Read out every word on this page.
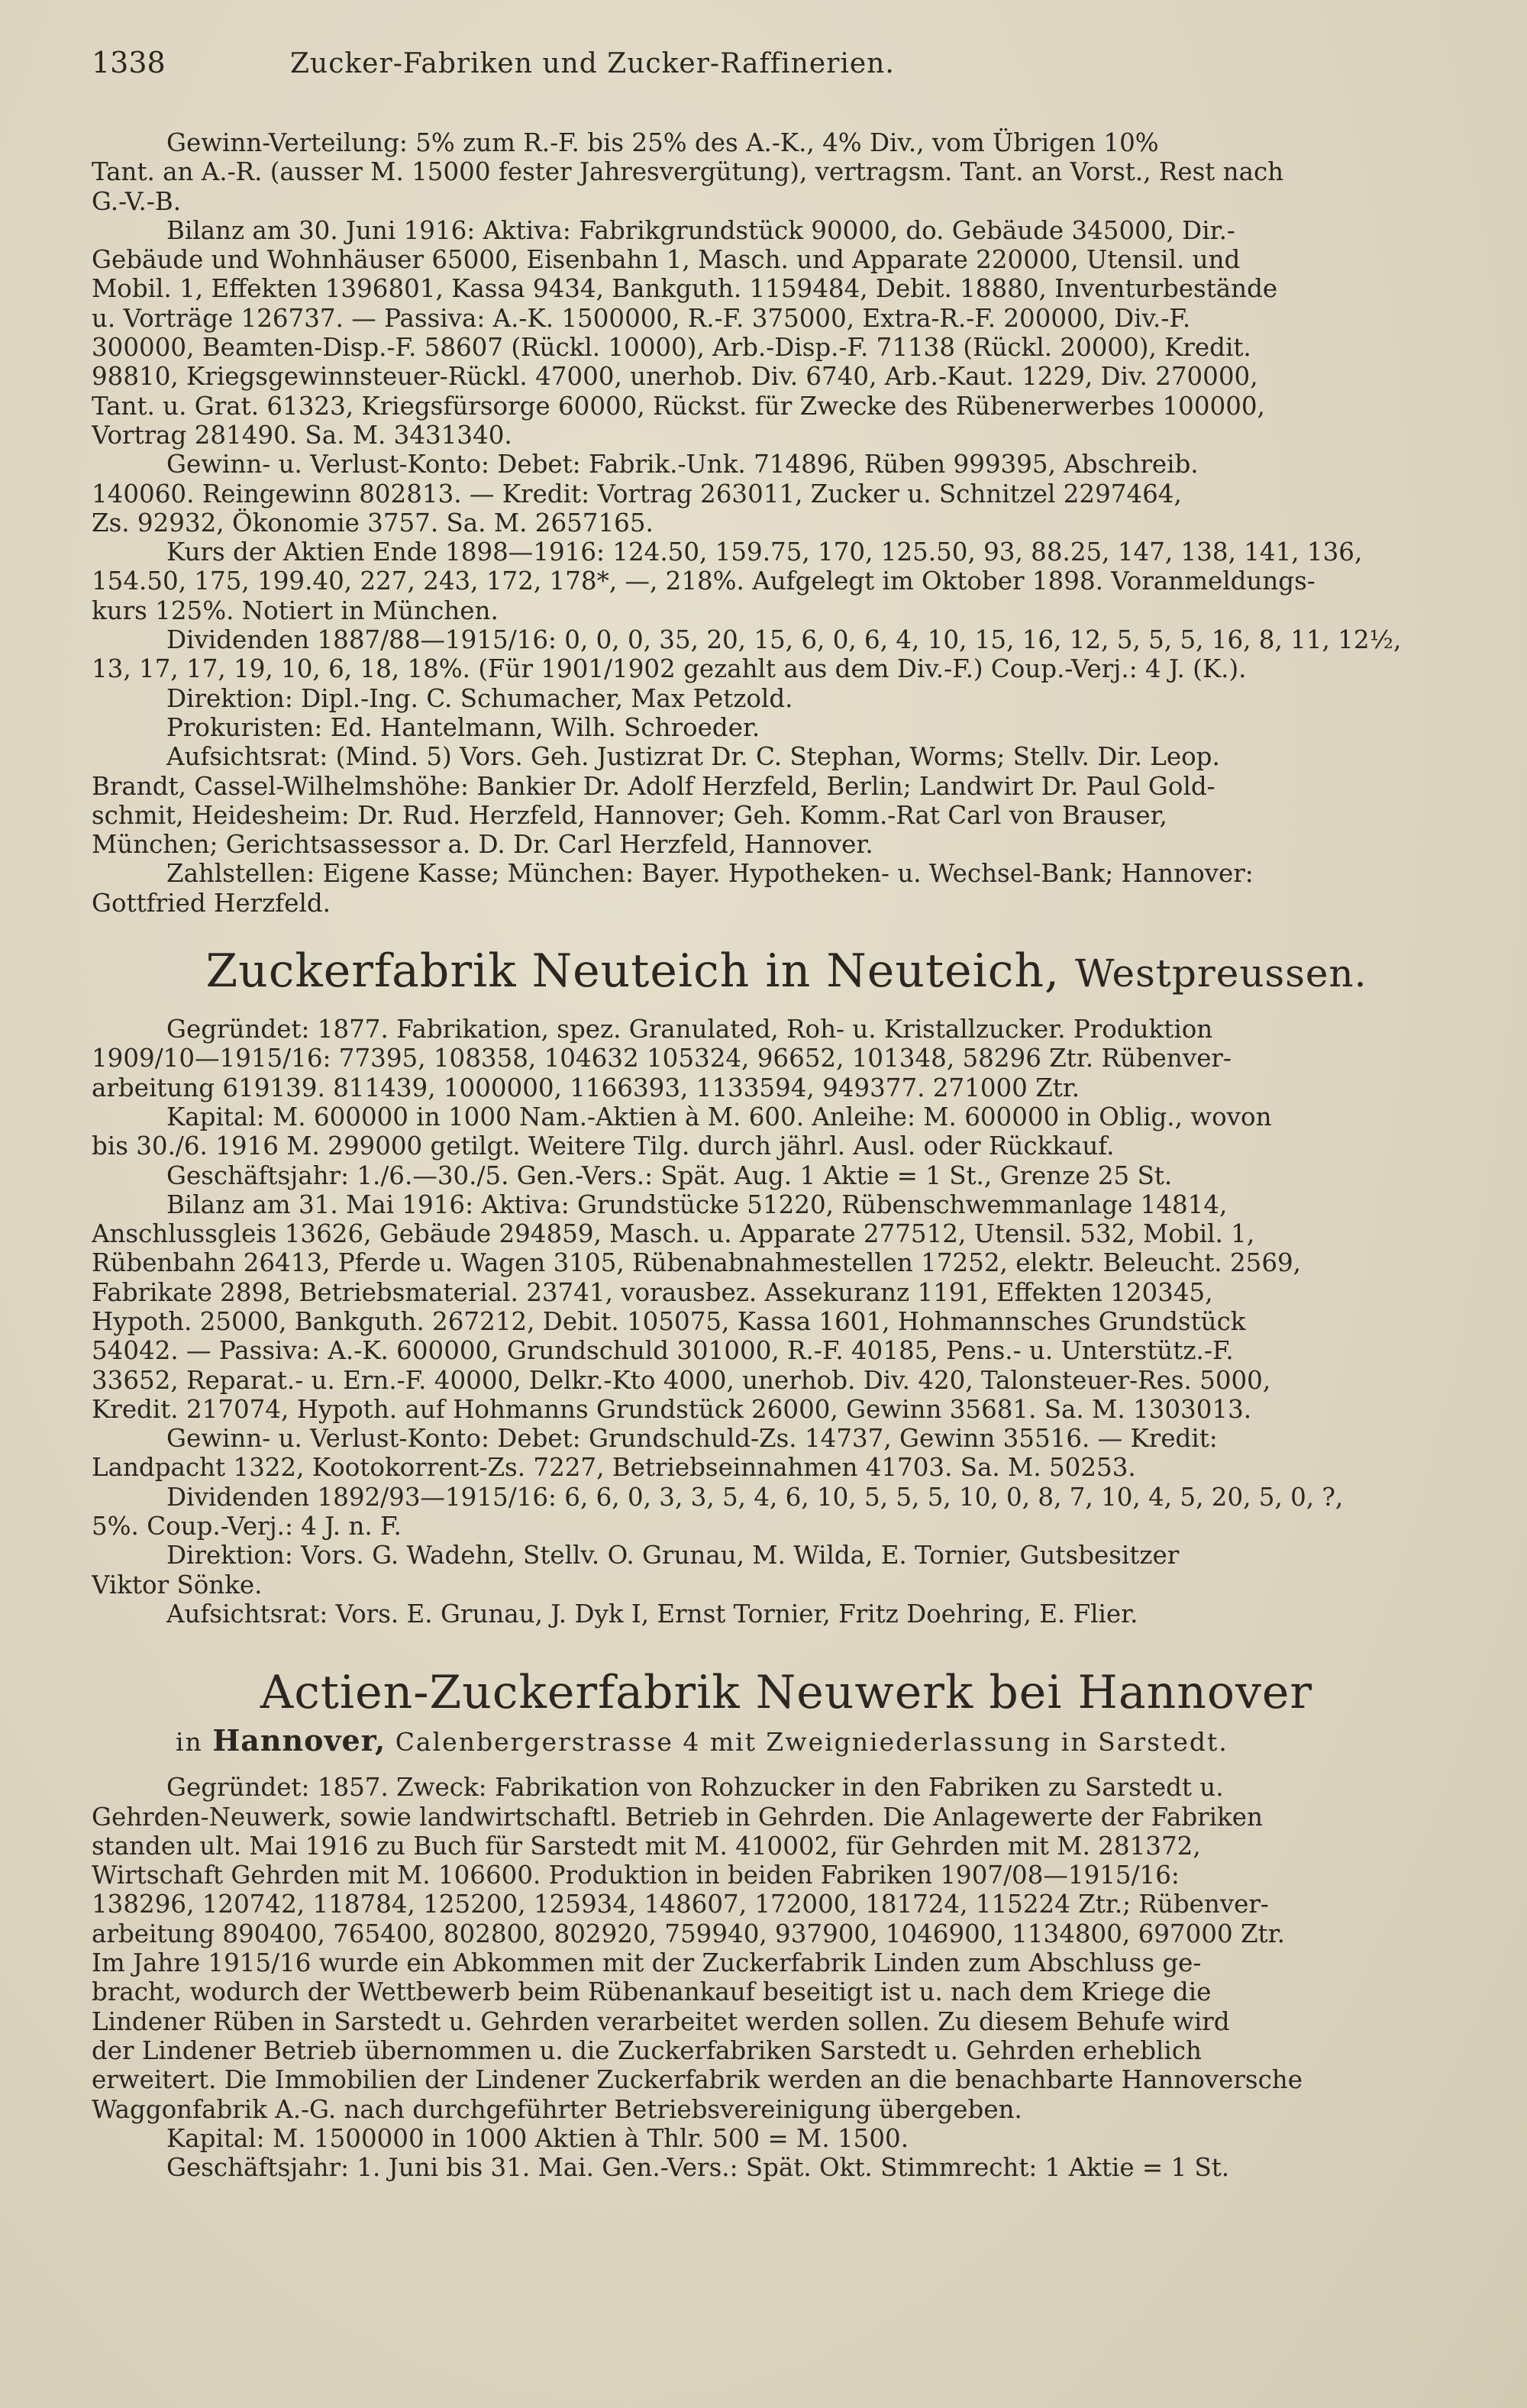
1338	Zucker-Fabriken und Zucker-Raffinerien.

Gewinn-Verteilung: 5% zum R.-F. bis 25% des A.-K., 4% Div., vom Übrigen 10%

Tant. an A.-R. (ausser M. 15000 fester Jahresvergütung), vertragsm. Tant. an Vorst., Rest nach

G.-V.-B.

Bilanz am 30. Juni 1916: Aktiva: Fabrikgrundstück 90000, do. Gebäude 345000, Dir.-

Gebäude und Wohnhäuser 65000, Eisenbahn 1, Masch. und Apparate 220000, Utensil. und

Mobil. 1, Effekten 1396801, Kassa 9434, Bankguth. 1159484, Debit. 18880, Inventurbestände

u. Vorträge 126737. — Passiva: A.-K. 1500000, R.-F. 375000, Extra-R.-F. 200000, Div.-F.

300000, Beamten-Disp.-F. 58607 (Rückl. 10000), Arb.-Disp.-F. 71138 (Rückl. 20000), Kredit.

98810, Kriegsgewinnsteuer-Rückl. 47000, unerhob. Div. 6740, Arb.-Kaut. 1229, Div. 270000,

Tant. u. Grat. 61323, Kriegsfürsorge 60000, Rückst. für Zwecke des Rübenerwerbes 100000,

Vortrag 281490. Sa. M. 3431340.

Gewinn- u. Verlust-Konto: Debet: Fabrik.-Unk. 714896, Rüben 999395, Abschreib.

140060. Reingewinn 802813. — Kredit: Vortrag 263011, Zucker u. Schnitzel 2297464,

Zs. 92932, Ökonomie 3757. Sa. M. 2657165.

Kurs der Aktien Ende 1898—1916: 124.50, 159.75, 170, 125.50, 93, 88.25, 147, 138, 141, 136,

154.50, 175, 199.40, 227, 243, 172, 178*, —, 218%. Aufgelegt im Oktober 1898. Voranmeldungs-

kurs 125%. Notiert in München.

Dividenden 1887/88—1915/16: 0, 0, 0, 35, 20, 15, 6, 0, 6, 4, 10, 15, 16, 12, 5, 5, 5, 16, 8, 11, 12½,

13, 17, 17, 19, 10, 6, 18, 18%. (Für 1901/1902 gezahlt aus dem Div.-F.) Coup.-Verj.: 4 J. (K.).

Direktion: Dipl.-Ing. C. Schumacher, Max Petzold.

Prokuristen: Ed. Hantelmann, Wilh. Schroeder.

Aufsichtsrat: (Mind. 5) Vors. Geh. Justizrat Dr. C. Stephan, Worms; Stellv. Dir. Leop.

Brandt, Cassel-Wilhelmshöhe: Bankier Dr. Adolf Herzfeld, Berlin; Landwirt Dr. Paul Gold-

schmit, Heidesheim: Dr. Rud. Herzfeld, Hannover; Geh. Komm.-Rat Carl von Brauser,

München; Gerichtsassessor a. D. Dr. Carl Herzfeld, Hannover.

Zahlstellen: Eigene Kasse; München: Bayer. Hypotheken- u. Wechsel-Bank; Hannover:

Gottfried Herzfeld.

Zuckerfabrik Neuteich in Neuteich, Westpreussen.

Gegründet: 1877. Fabrikation, spez. Granulated, Roh- u. Kristallzucker. Produktion

1909/10—1915/16: 77395, 108358, 104632 105324, 96652, 101348, 58296 Ztr. Rübenver-

arbeitung 619139. 811439, 1000000, 1166393, 1133594, 949377. 271000 Ztr.

Kapital: M. 600000 in 1000 Nam.-Aktien à M. 600. Anleihe: M. 600000 in Oblig., wovon

bis 30./6. 1916 M. 299000 getilgt. Weitere Tilg. durch jährl. Ausl. oder Rückkauf.

Geschäftsjahr: 1./6.—30./5. Gen.-Vers.: Spät. Aug. 1 Aktie = 1 St., Grenze 25 St.

Bilanz am 31. Mai 1916: Aktiva: Grundstücke 51220, Rübenschwemmanlage 14814,

Anschlussgleis 13626, Gebäude 294859, Masch. u. Apparate 277512, Utensil. 532, Mobil. 1,

Rübenbahn 26413, Pferde u. Wagen 3105, Rübenabnahmestellen 17252, elektr. Beleucht. 2569,

Fabrikate 2898, Betriebsmaterial. 23741, vorausbez. Assekuranz 1191, Effekten 120345,

Hypoth. 25000, Bankguth. 267212, Debit. 105075, Kassa 1601, Hohmannsches Grundstück

54042. — Passiva: A.-K. 600000, Grundschuld 301000, R.-F. 40185, Pens.- u. Unterstütz.-F.

33652, Reparat.- u. Ern.-F. 40000, Delkr.-Kto 4000, unerhob. Div. 420, Talonsteuer-Res. 5000,

Kredit. 217074, Hypoth. auf Hohmanns Grundstück 26000, Gewinn 35681. Sa. M. 1303013.

Gewinn- u. Verlust-Konto: Debet: Grundschuld-Zs. 14737, Gewinn 35516. — Kredit:

Landpacht 1322, Kootokorrent-Zs. 7227, Betriebseinnahmen 41703. Sa. M. 50253.

Dividenden 1892/93—1915/16: 6, 6, 0, 3, 3, 5, 4, 6, 10, 5, 5, 5, 10, 0, 8, 7, 10, 4, 5, 20, 5, 0, ?,

5%. Coup.-Verj.: 4 J. n. F.

Direktion: Vors. G. Wadehn, Stellv. O. Grunau, M. Wilda, E. Tornier, Gutsbesitzer

Viktor Sönke.

Aufsichtsrat: Vors. E. Grunau, J. Dyk I, Ernst Tornier, Fritz Doehring, E. Flier.

Actien-Zuckerfabrik Neuwerk bei Hannover
in Hannover, Calenbergerstrasse 4 mit Zweigniederlassung in Sarstedt.

Gegründet: 1857. Zweck: Fabrikation von Rohzucker in den Fabriken zu Sarstedt u.

Gehrden-Neuwerk, sowie landwirtschaftl. Betrieb in Gehrden. Die Anlagewerte der Fabriken

standen ult. Mai 1916 zu Buch für Sarstedt mit M. 410002, für Gehrden mit M. 281372,

Wirtschaft Gehrden mit M. 106600. Produktion in beiden Fabriken 1907/08—1915/16:

138296, 120742, 118784, 125200, 125934, 148607, 172000, 181724, 115224 Ztr.; Rübenver-

arbeitung 890400, 765400, 802800, 802920, 759940, 937900, 1046900, 1134800, 697000 Ztr.

Im Jahre 1915/16 wurde ein Abkommen mit der Zuckerfabrik Linden zum Abschluss ge-

bracht, wodurch der Wettbewerb beim Rübenankauf beseitigt ist u. nach dem Kriege die

Lindener Rüben in Sarstedt u. Gehrden verarbeitet werden sollen. Zu diesem Behufe wird

der Lindener Betrieb übernommen u. die Zuckerfabriken Sarstedt u. Gehrden erheblich

erweitert. Die Immobilien der Lindener Zuckerfabrik werden an die benachbarte Hannoversche

Waggonfabrik A.-G. nach durchgeführter Betriebsvereinigung übergeben.

Kapital: M. 1500000 in 1000 Aktien à Thlr. 500 = M. 1500.

Geschäftsjahr: 1. Juni bis 31. Mai. Gen.-Vers.: Spät. Okt. Stimmrecht: 1 Aktie = 1 St.
